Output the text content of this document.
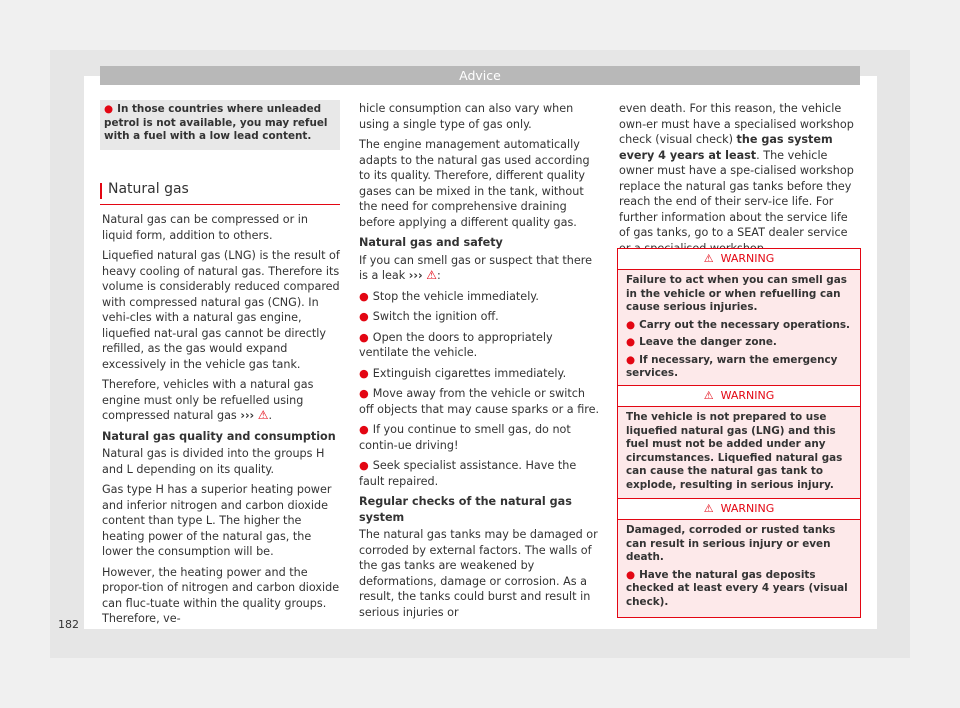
Advice
● In those countries where unleaded petrol is not available, you may refuel with a fuel with a low lead content.
Natural gas

Natural gas can be compressed or in liquid form, addition to others.

Liquefied natural gas (LNG) is the result of heavy cooling of natural gas. Therefore its volume is considerably reduced compared with compressed natural gas (CNG). In vehi-cles with a natural gas engine, liquefied nat-ural gas cannot be directly refilled, as the gas would expand excessively in the vehicle gas tank.

Therefore, vehicles with a natural gas engine must only be refuelled using compressed natural gas ››› ⚠.

Natural gas quality and consumption

Natural gas is divided into the groups H and L depending on its quality.

Gas type H has a superior heating power and inferior nitrogen and carbon dioxide content than type L. The higher the heating power of the natural gas, the lower the consumption will be.

However, the heating power and the propor-tion of nitrogen and carbon dioxide can fluc-tuate within the quality groups. Therefore, ve-

hicle consumption can also vary when using a single type of gas only.

The engine management automatically adapts to the natural gas used according to its quality. Therefore, different quality gases can be mixed in the tank, without the need for comprehensive draining before applying a different quality gas.

Natural gas and safety

If you can smell gas or suspect that there is a leak ››› ⚠:

● Stop the vehicle immediately.

● Switch the ignition off.

● Open the doors to appropriately ventilate the vehicle.

● Extinguish cigarettes immediately.

● Move away from the vehicle or switch off objects that may cause sparks or a fire.

● If you continue to smell gas, do not contin-ue driving!

● Seek specialist assistance. Have the fault repaired.

Regular checks of the natural gas system

The natural gas tanks may be damaged or corroded by external factors. The walls of the gas tanks are weakened by deformations, damage or corrosion. As a result, the tanks could burst and result in serious injuries or

even death. For this reason, the vehicle own-er must have a specialised workshop check (visual check) the gas system every 4 years at least. The vehicle owner must have a spe-cialised workshop replace the natural gas tanks before they reach the end of their serv-ice life. For further information about the service life of gas tanks, go to a SEAT dealer service

⚠ WARNING

Failure to act when you can smell gas in the vehicle or when refuelling can cause serious injuries.

● Carry out the necessary operations.

● Leave the danger zone.

● If necessary, warn the emergency services.

⚠ WARNING

The vehicle is not prepared to use liquefied natural gas (LNG) and this fuel must not be added under any circumstances. Liquefied natural gas can cause the natural gas tank to explode, resulting in serious injury.

⚠ WARNING

Damaged, corroded or rusted tanks can result in serious injury or even death.

● Have the natural gas deposits checked at least every 4 years (visual check).

182
